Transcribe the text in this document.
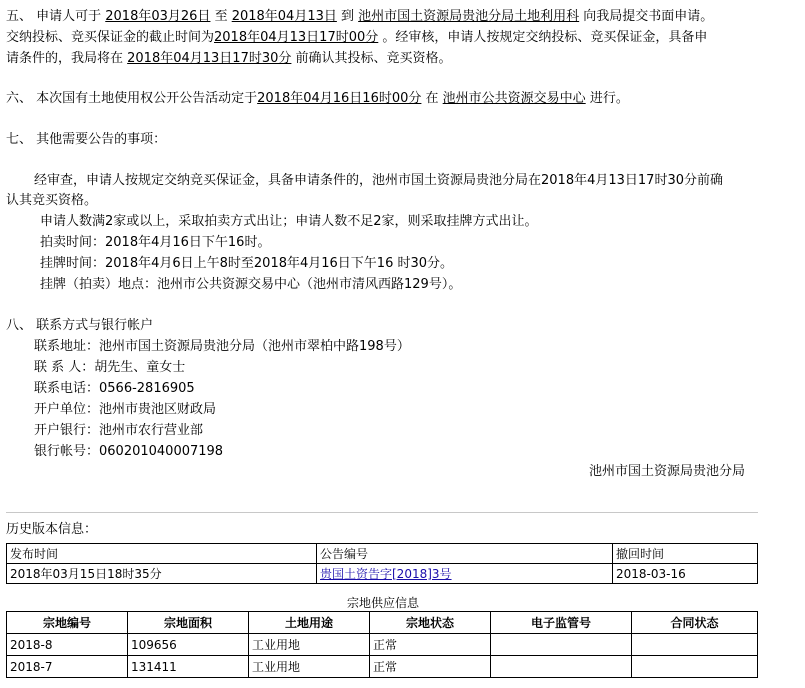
五、 申请人可于 2018年03月26日 至 2018年04月13日 到 池州市国土资源局贵池分局土地利用科 向我局提交书面申请。
交纳投标、竞买保证金的截止时间为2018年04月13日17时00分 。经审核，申请人按规定交纳投标、竞买保证金，具备申
请条件的，我局将在 2018年04月13日17时30分 前确认其投标、竞买资格。
六、 本次国有土地使用权公开公告活动定于2018年04月16日16时00分 在 池州市公共资源交易中心 进行。
七、 其他需要公告的事项：
经审查，申请人按规定交纳竞买保证金，具备申请条件的，池州市国土资源局贵池分局在2018年4月13日17时30分前确
认其竞买资格。
申请人数满2家或以上，采取拍卖方式出让；申请人数不足2家，则采取挂牌方式出让。
拍卖时间：2018年4月16日下午16时。
挂牌时间：2018年4月6日上午8时至2018年4月16日下午16 时30分。
挂牌（拍卖）地点：池州市公共资源交易中心（池州市清风西路129号）。
八、 联系方式与银行帐户
联系地址：池州市国土资源局贵池分局（池州市翠柏中路198号）
联 系 人：胡先生、童女士
联系电话：0566-2816905
开户单位：池州市贵池区财政局
开户银行：池州市农行营业部
银行帐号：060201040007198
池州市国土资源局贵池分局
历史版本信息：
发布时间	公告编号	撤回时间
2018年03月15日18时35分	贵国土资告字[2018]3号	2018-03-16
宗地供应信息
宗地编号	宗地面积	土地用途	宗地状态	电子监管号	合同状态
2018-8	109656	工业用地	正常		
2018-7	131411	工业用地	正常		
